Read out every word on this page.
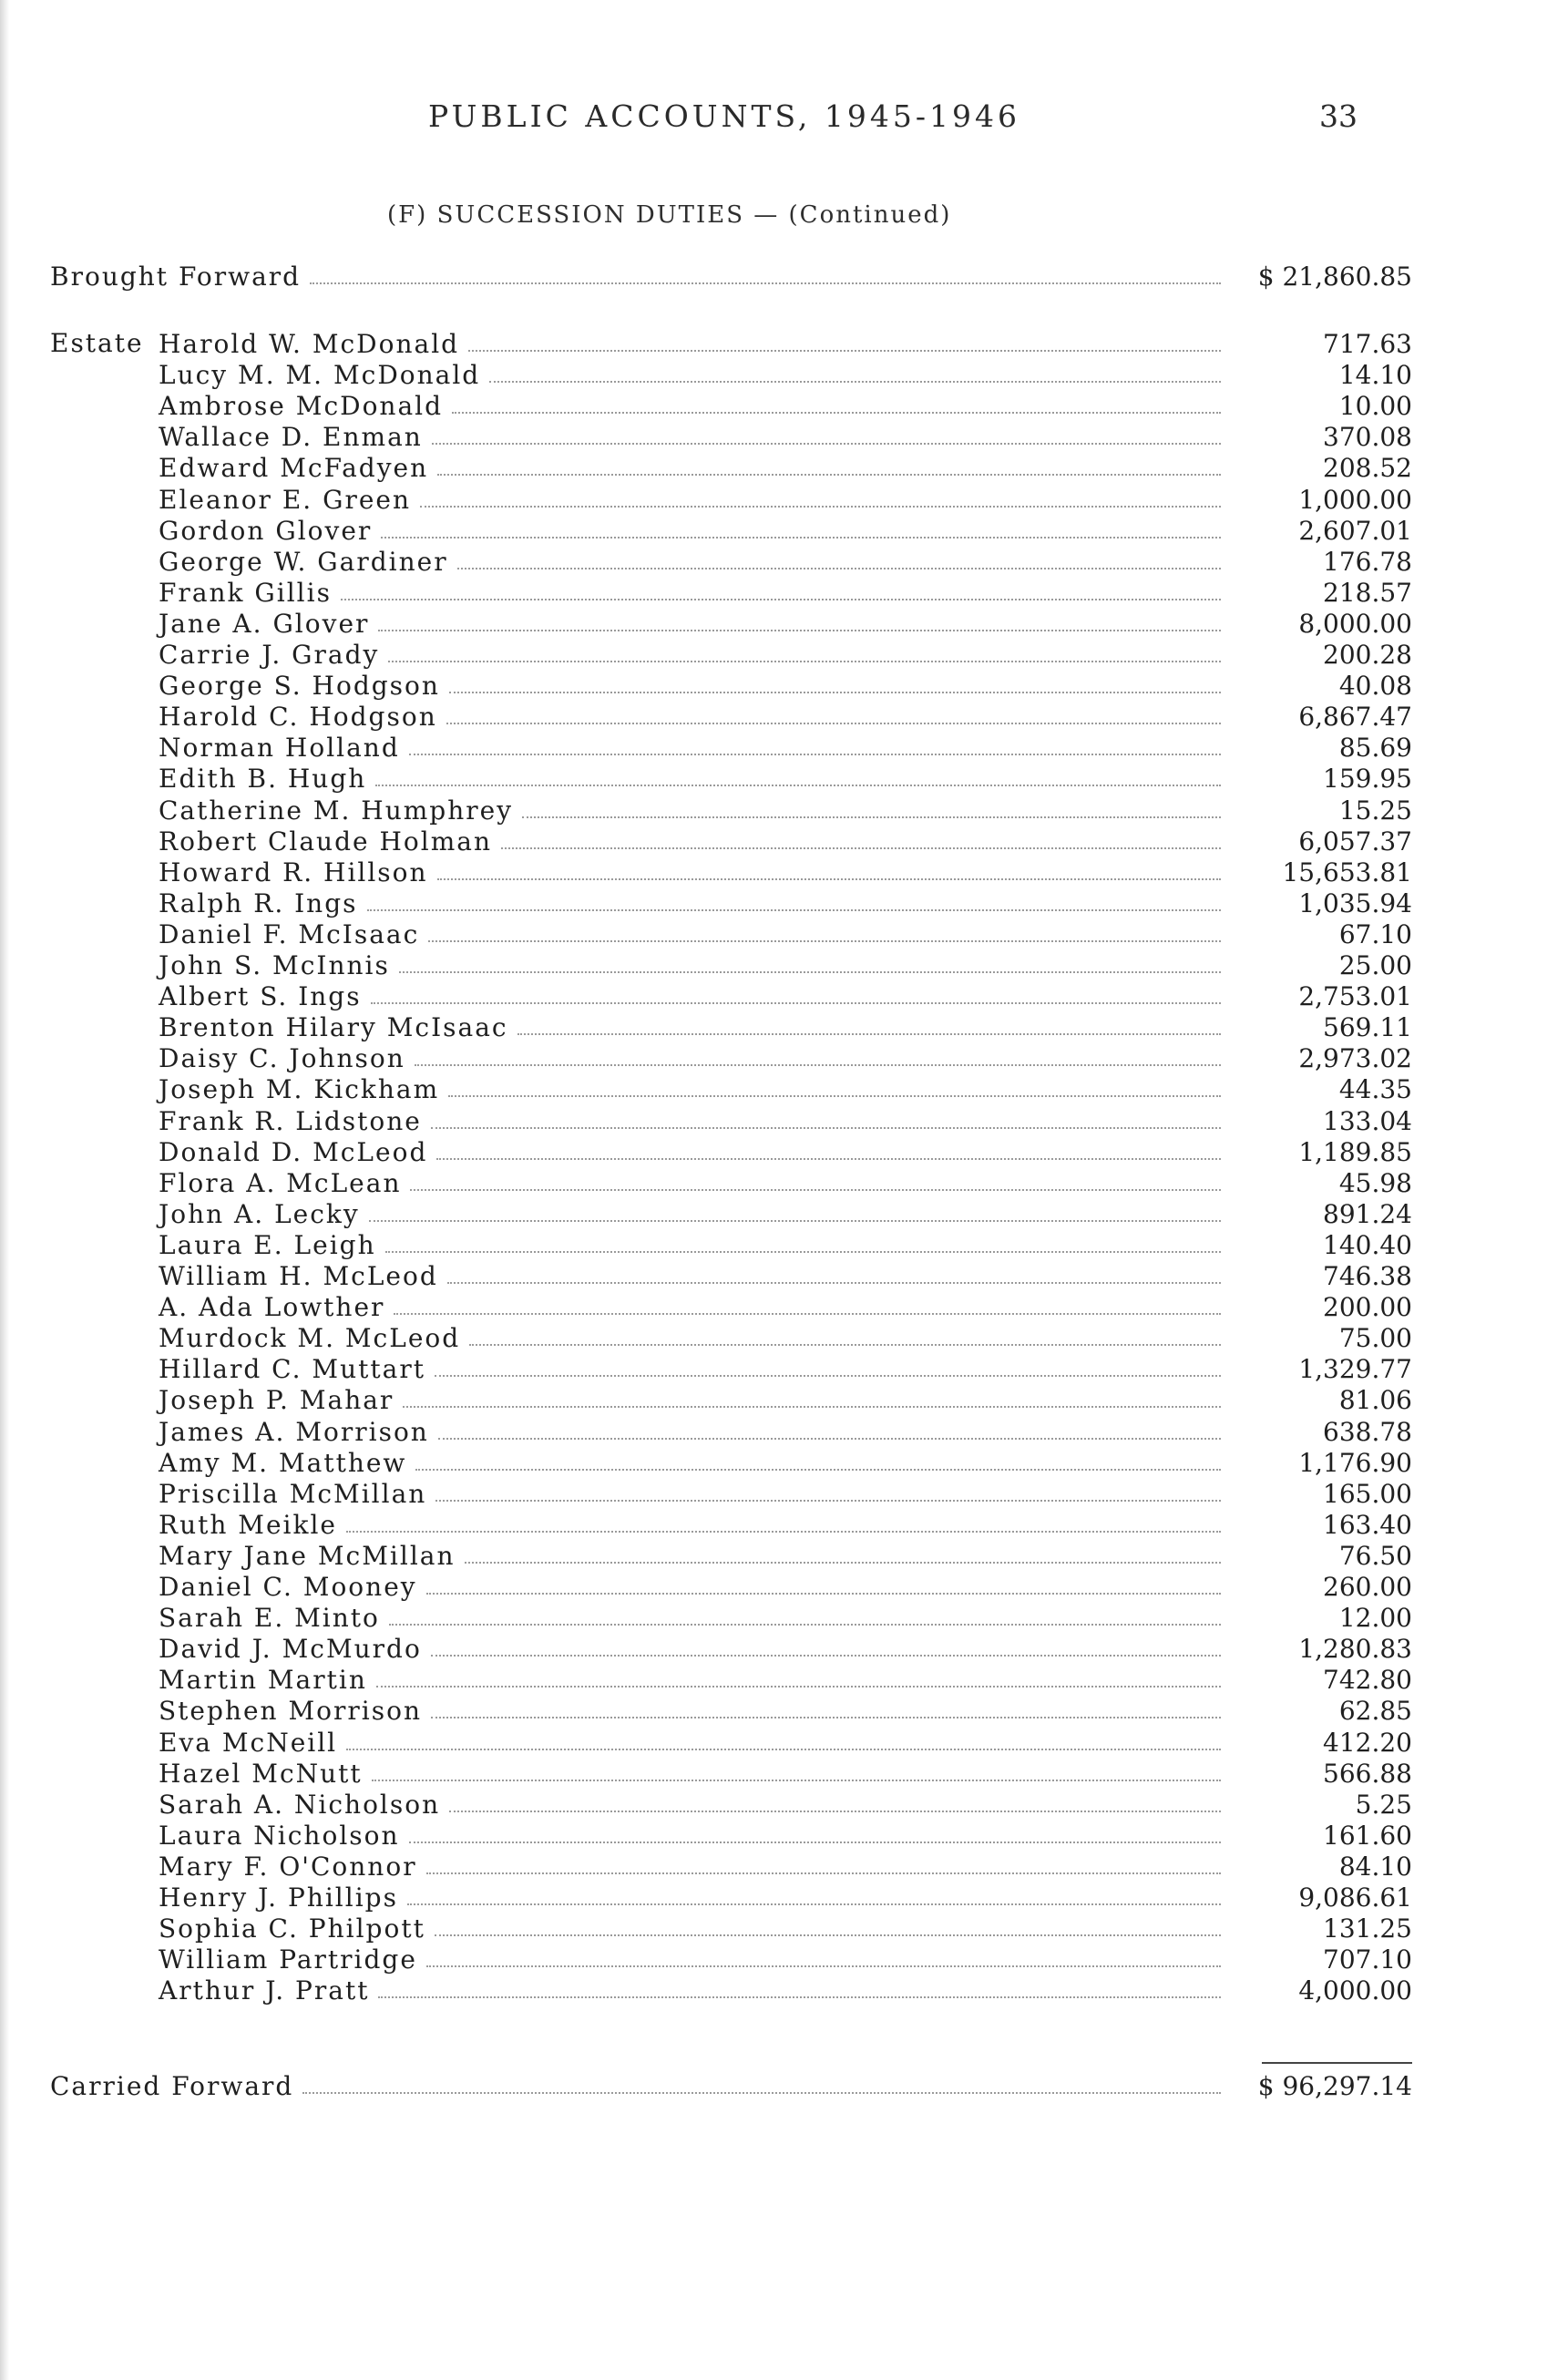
PUBLIC ACCOUNTS, 1945-1946	33
(F) SUCCESSION DUTIES — (Continued)
Brought Forward	$ 21,860.85
Estate Harold W. McDonald	717.63
Lucy M. M. McDonald	14.10
Ambrose McDonald	10.00
Wallace D. Enman	370.08
Edward McFadyen	208.52
Eleanor E. Green	1,000.00
Gordon Glover	2,607.01
George W. Gardiner	176.78
Frank Gillis	218.57
Jane A. Glover	8,000.00
Carrie J. Grady	200.28
George S. Hodgson	40.08
Harold C. Hodgson	6,867.47
Norman Holland	85.69
Edith B. Hugh	159.95
Catherine M. Humphrey	15.25
Robert Claude Holman	6,057.37
Howard R. Hillson	15,653.81
Ralph R. Ings	1,035.94
Daniel F. McIsaac	67.10
John S. McInnis	25.00
Albert S. Ings	2,753.01
Brenton Hilary McIsaac	569.11
Daisy C. Johnson	2,973.02
Joseph M. Kickham	44.35
Frank R. Lidstone	133.04
Donald D. McLeod	1,189.85
Flora A. McLean	45.98
John A. Lecky	891.24
Laura E. Leigh	140.40
William H. McLeod	746.38
A. Ada Lowther	200.00
Murdock M. McLeod	75.00
Hillard C. Muttart	1,329.77
Joseph P. Mahar	81.06
James A. Morrison	638.78
Amy M. Matthew	1,176.90
Priscilla McMillan	165.00
Ruth Meikle	163.40
Mary Jane McMillan	76.50
Daniel C. Mooney	260.00
Sarah E. Minto	12.00
David J. McMurdo	1,280.83
Martin Martin	742.80
Stephen Morrison	62.85
Eva McNeill	412.20
Hazel McNutt	566.88
Sarah A. Nicholson	5.25
Laura Nicholson	161.60
Mary F. O'Connor	84.10
Henry J. Phillips	9,086.61
Sophia C. Philpott	131.25
William Partridge	707.10
Arthur J. Pratt	4,000.00
Carried Forward	$ 96,297.14
